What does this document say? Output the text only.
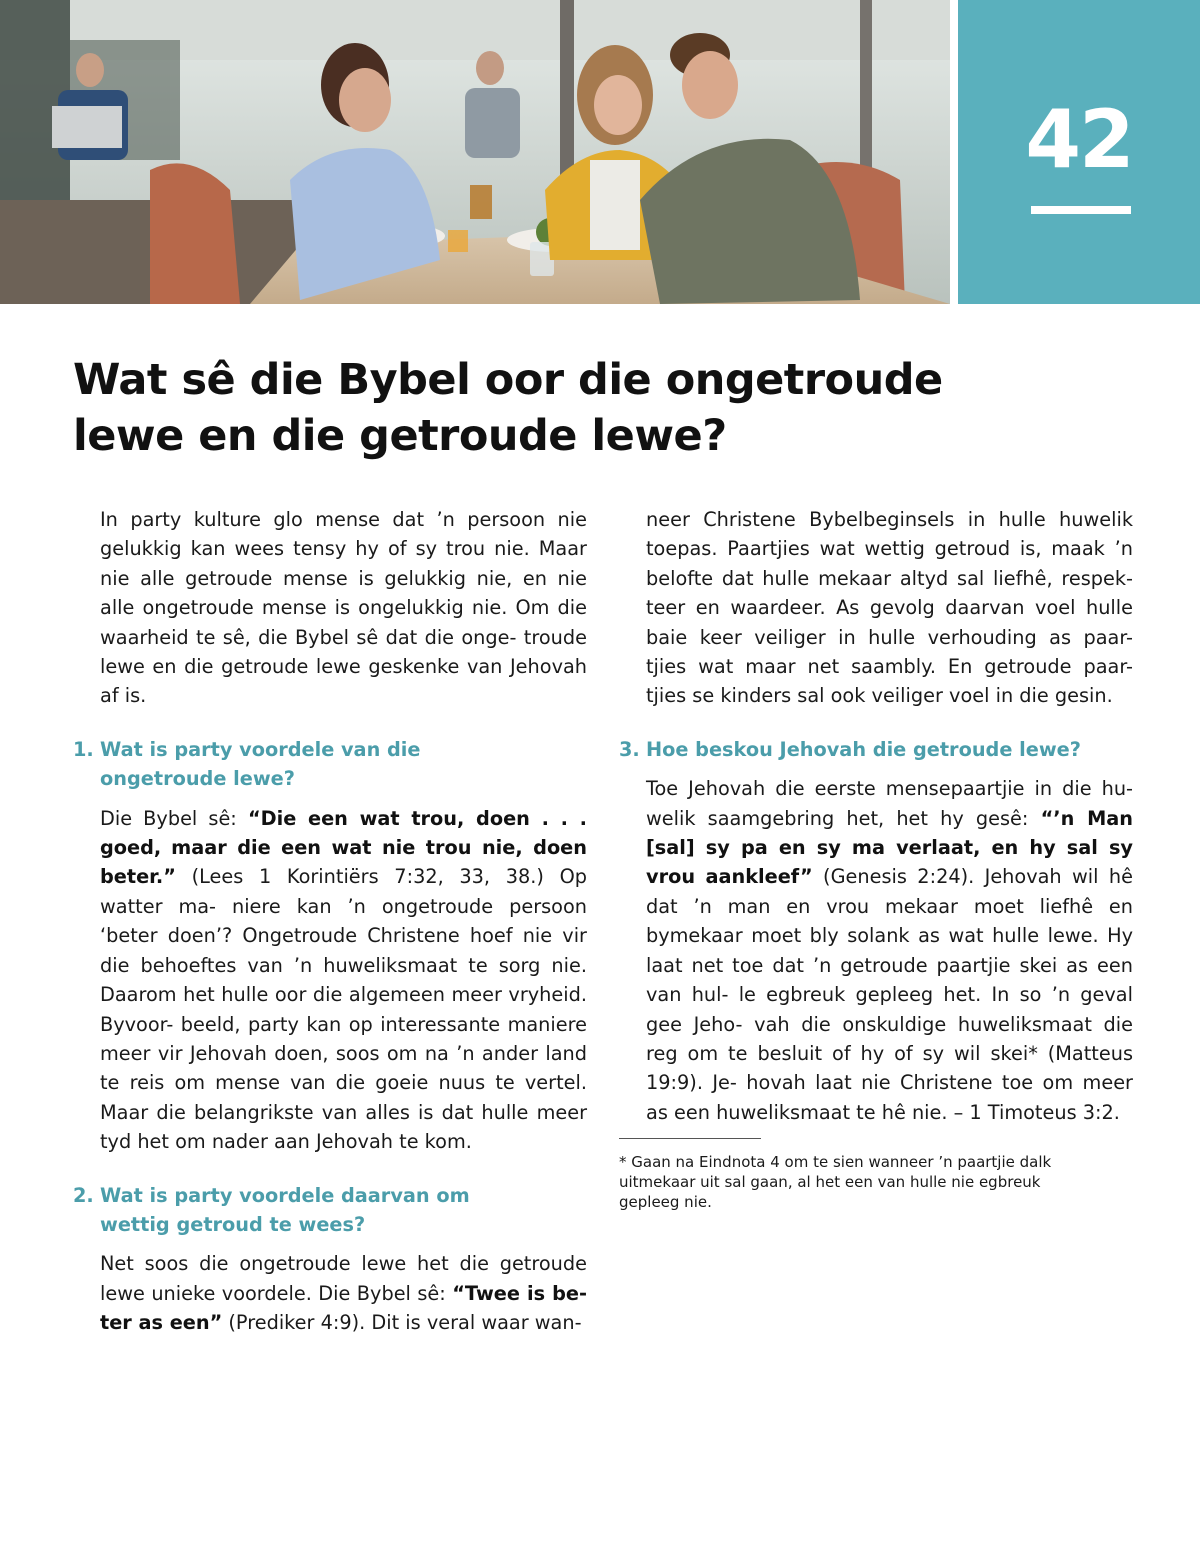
42
Wat sê die Bybel oor die ongetroude
lewe en die getroude lewe?

In party kulture glo mense dat ’n persoon nie gelukkig kan wees tensy hy of sy trou nie. Maar nie alle getroude mense is gelukkig nie, en nie alle ongetroude mense is ongelukkig nie. Om die waarheid te sê, die Bybel sê dat die onge- troude lewe en die getroude lewe geskenke van Jehovah af is.

1. Wat is party voordele van die
ongetroude lewe?

Die Bybel sê: “Die een wat trou, doen . . . goed, maar die een wat nie trou nie, doen beter.” (Lees 1 Korintiërs 7:32, 33, 38.) Op watter ma- niere kan ’n ongetroude persoon ‘beter doen’? Ongetroude Christene hoef nie vir die behoeftes van ’n huweliksmaat te sorg nie. Daarom het hulle oor die algemeen meer vryheid. Byvoor- beeld, party kan op interessante maniere meer vir Jehovah doen, soos om na ’n ander land te reis om mense van die goeie nuus te vertel. Maar die belangrikste van alles is dat hulle meer tyd het om nader aan Jehovah te kom.

2. Wat is party voordele daarvan om
wettig getroud te wees?

Net soos die ongetroude lewe het die getroude lewe unieke voordele. Die Bybel sê: “Twee is be- ter as een” (Prediker 4:9). Dit is veral waar wan-

neer Christene Bybelbeginsels in hulle huwelik toepas. Paartjies wat wettig getroud is, maak ’n belofte dat hulle mekaar altyd sal liefhê, respek- teer en waardeer. As gevolg daarvan voel hulle baie keer veiliger in hulle verhouding as paar- tjies wat maar net saambly. En getroude paar- tjies se kinders sal ook veiliger voel in die gesin.

3. Hoe beskou Jehovah die getroude lewe?

Toe Jehovah die eerste mensepaartjie in die hu- welik saamgebring het, het hy gesê: “’n Man [sal] sy pa en sy ma verlaat, en hy sal sy vrou aankleef” (Genesis 2:24). Jehovah wil hê dat ’n man en vrou mekaar moet liefhê en bymekaar moet bly solank as wat hulle lewe. Hy laat net toe dat ’n getroude paartjie skei as een van hul- le egbreuk gepleeg het. In so ’n geval gee Jeho- vah die onskuldige huweliksmaat die reg om te besluit of hy of sy wil skei* (Matteus 19:9). Je- hovah laat nie Christene toe om meer as een huweliksmaat te hê nie. – 1 Timoteus 3:2.

* Gaan na Eindnota 4 om te sien wanneer ’n paartjie dalk
uitmekaar uit sal gaan, al het een van hulle nie egbreuk
gepleeg nie.
